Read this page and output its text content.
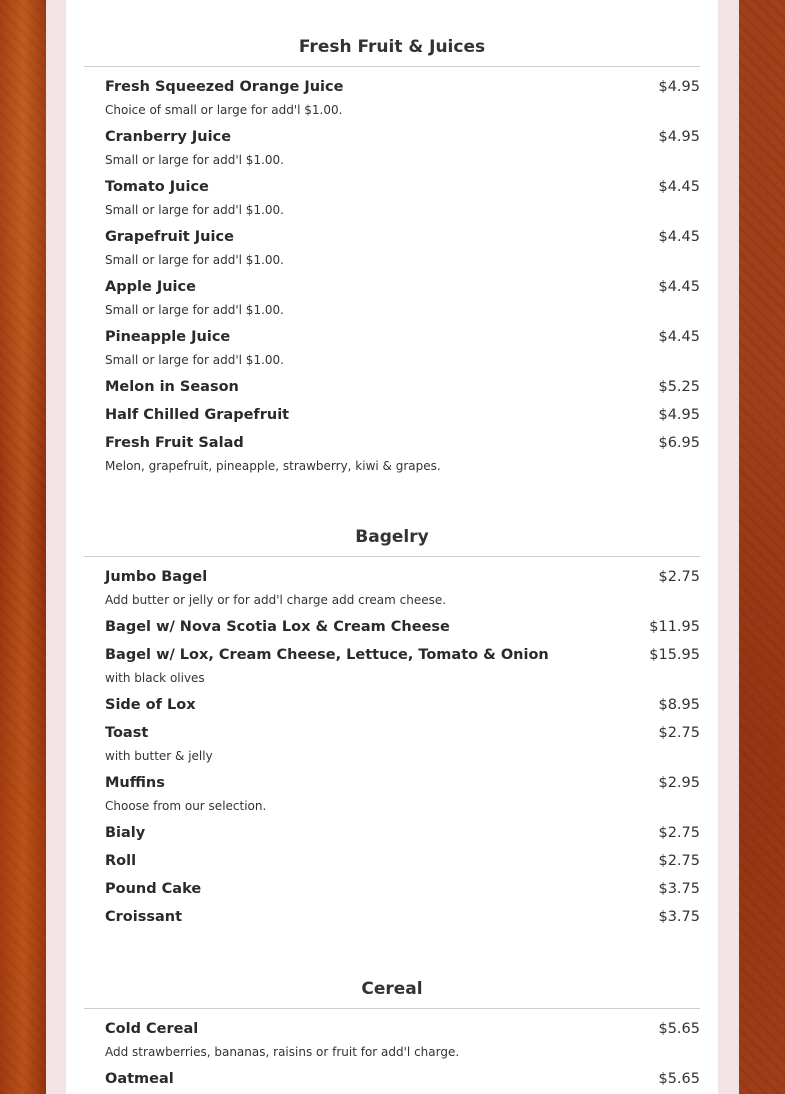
Fresh Fruit & Juices
Fresh Squeezed Orange Juice	$4.95
Choice of small or large for add'l $1.00.
Cranberry Juice	$4.95
Small or large for add'l $1.00.
Tomato Juice	$4.45
Small or large for add'l $1.00.
Grapefruit Juice	$4.45
Small or large for add'l $1.00.
Apple Juice	$4.45
Small or large for add'l $1.00.
Pineapple Juice	$4.45
Small or large for add'l $1.00.
Melon in Season	$5.25
Half Chilled Grapefruit	$4.95
Fresh Fruit Salad	$6.95
Melon, grapefruit, pineapple, strawberry, kiwi & grapes.
Bagelry
Jumbo Bagel	$2.75
Add butter or jelly or for add'l charge add cream cheese.
Bagel w/ Nova Scotia Lox & Cream Cheese	$11.95
Bagel w/ Lox, Cream Cheese, Lettuce, Tomato & Onion	$15.95
with black olives
Side of Lox	$8.95
Toast	$2.75
with butter & jelly
Muffins	$2.95
Choose from our selection.
Bialy	$2.75
Roll	$2.75
Pound Cake	$3.75
Croissant	$3.75
Cereal
Cold Cereal	$5.65
Add strawberries, bananas, raisins or fruit for add'l charge.
Oatmeal	$5.65
